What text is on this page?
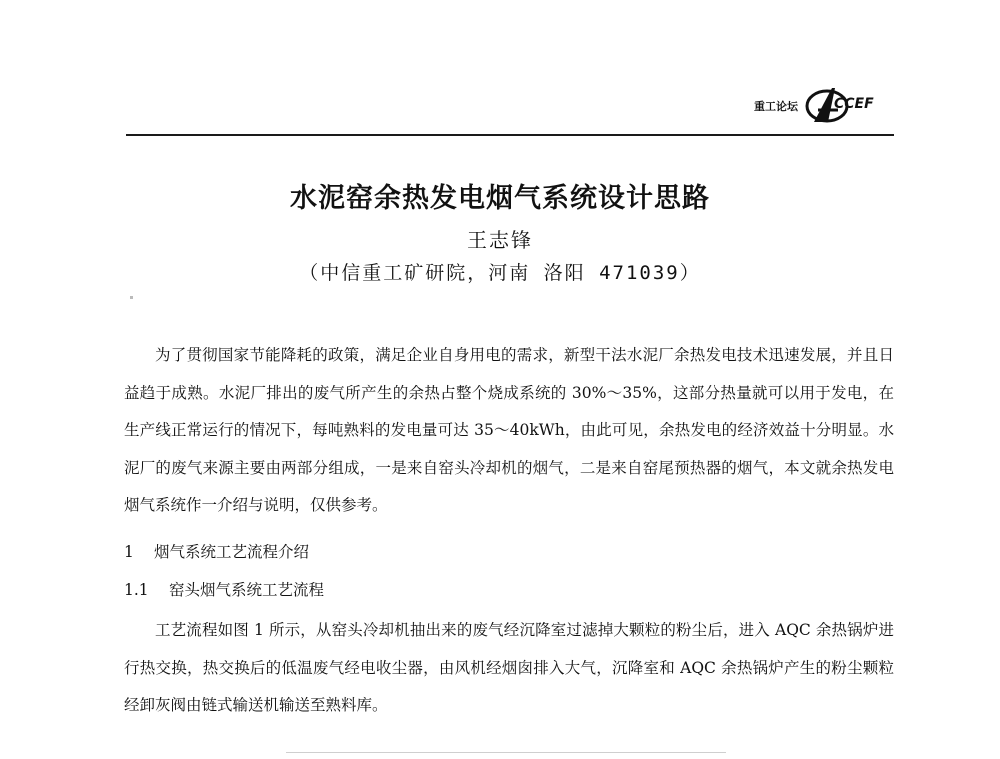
重工论坛	CCEF
水泥窑余热发电烟气系统设计思路
王志锋
（中信重工矿研院，河南 洛阳 471039）

为了贯彻国家节能降耗的政策，满足企业自身用电的需求，新型干法水泥厂余热发电技术迅速发展，并且日益趋于成熟。水泥厂排出的废气所产生的余热占整个烧成系统的 30%～35%，这部分热量就可以用于发电，在生产线正常运行的情况下，每吨熟料的发电量可达 35～40kWh，由此可见，余热发电的经济效益十分明显。水泥厂的废气来源主要由两部分组成，一是来自窑头冷却机的烟气，二是来自窑尾预热器的烟气，本文就余热发电烟气系统作一介绍与说明，仅供参考。

1 烟气系统工艺流程介绍
1.1 窑头烟气系统工艺流程

工艺流程如图 1 所示，从窑头冷却机抽出来的废气经沉降室过滤掉大颗粒的粉尘后，进入 AQC 余热锅炉进行热交换，热交换后的低温废气经电收尘器，由风机经烟囱排入大气，沉降室和 AQC 余热锅炉产生的粉尘颗粒经卸灰阀由链式输送机输送至熟料库。
